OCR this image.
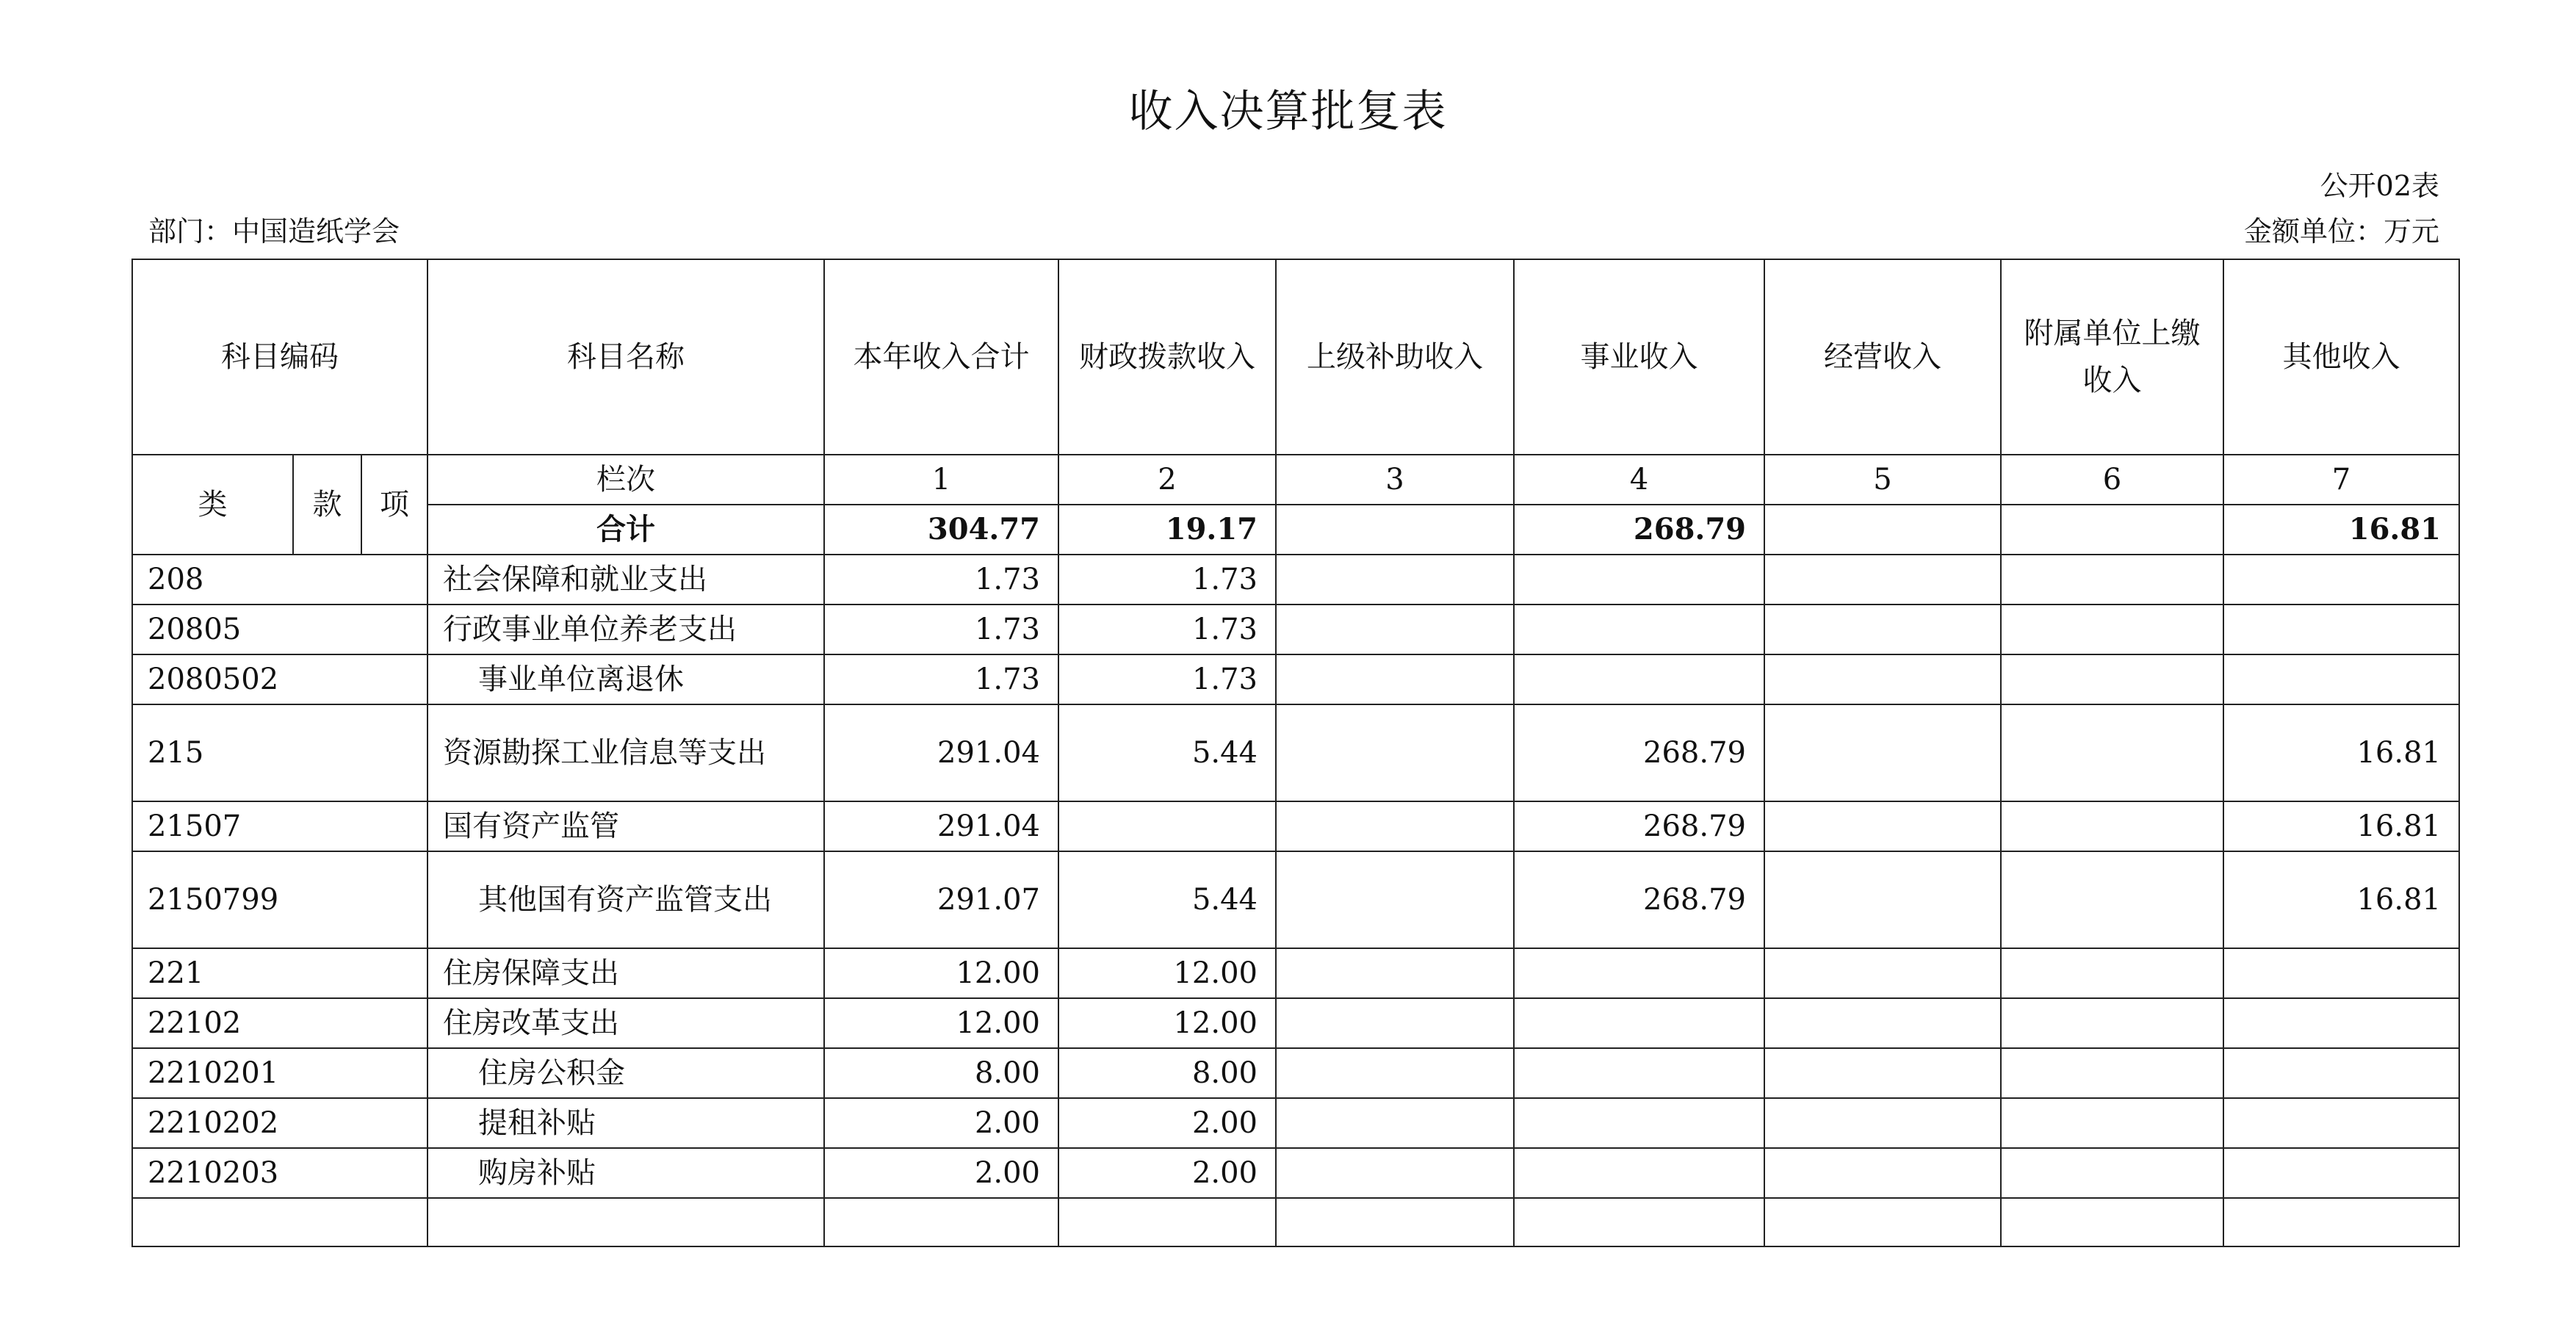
收入决算批复表
公开02表
部门：中国造纸学会	金额单位：万元
科目编码			科目名称	本年收入合计	财政拨款收入	上级补助收入	事业收入	经营收入	附属单位上缴收入	其他收入
类	款	项	栏次	1	2	3	4	5	6	7
			合计	304.77	19.17		268.79			16.81
208			社会保障和就业支出	1.73	1.73					
20805			行政事业单位养老支出	1.73	1.73					
2080502			事业单位离退休	1.73	1.73					
215			资源勘探工业信息等支出	291.04	5.44		268.79			16.81
21507			国有资产监管	291.04			268.79			16.81
2150799			其他国有资产监管支出	291.07	5.44		268.79			16.81
221			住房保障支出	12.00	12.00					
22102			住房改革支出	12.00	12.00					
2210201			住房公积金	8.00	8.00					
2210202			提租补贴	2.00	2.00					
2210203			购房补贴	2.00	2.00					
